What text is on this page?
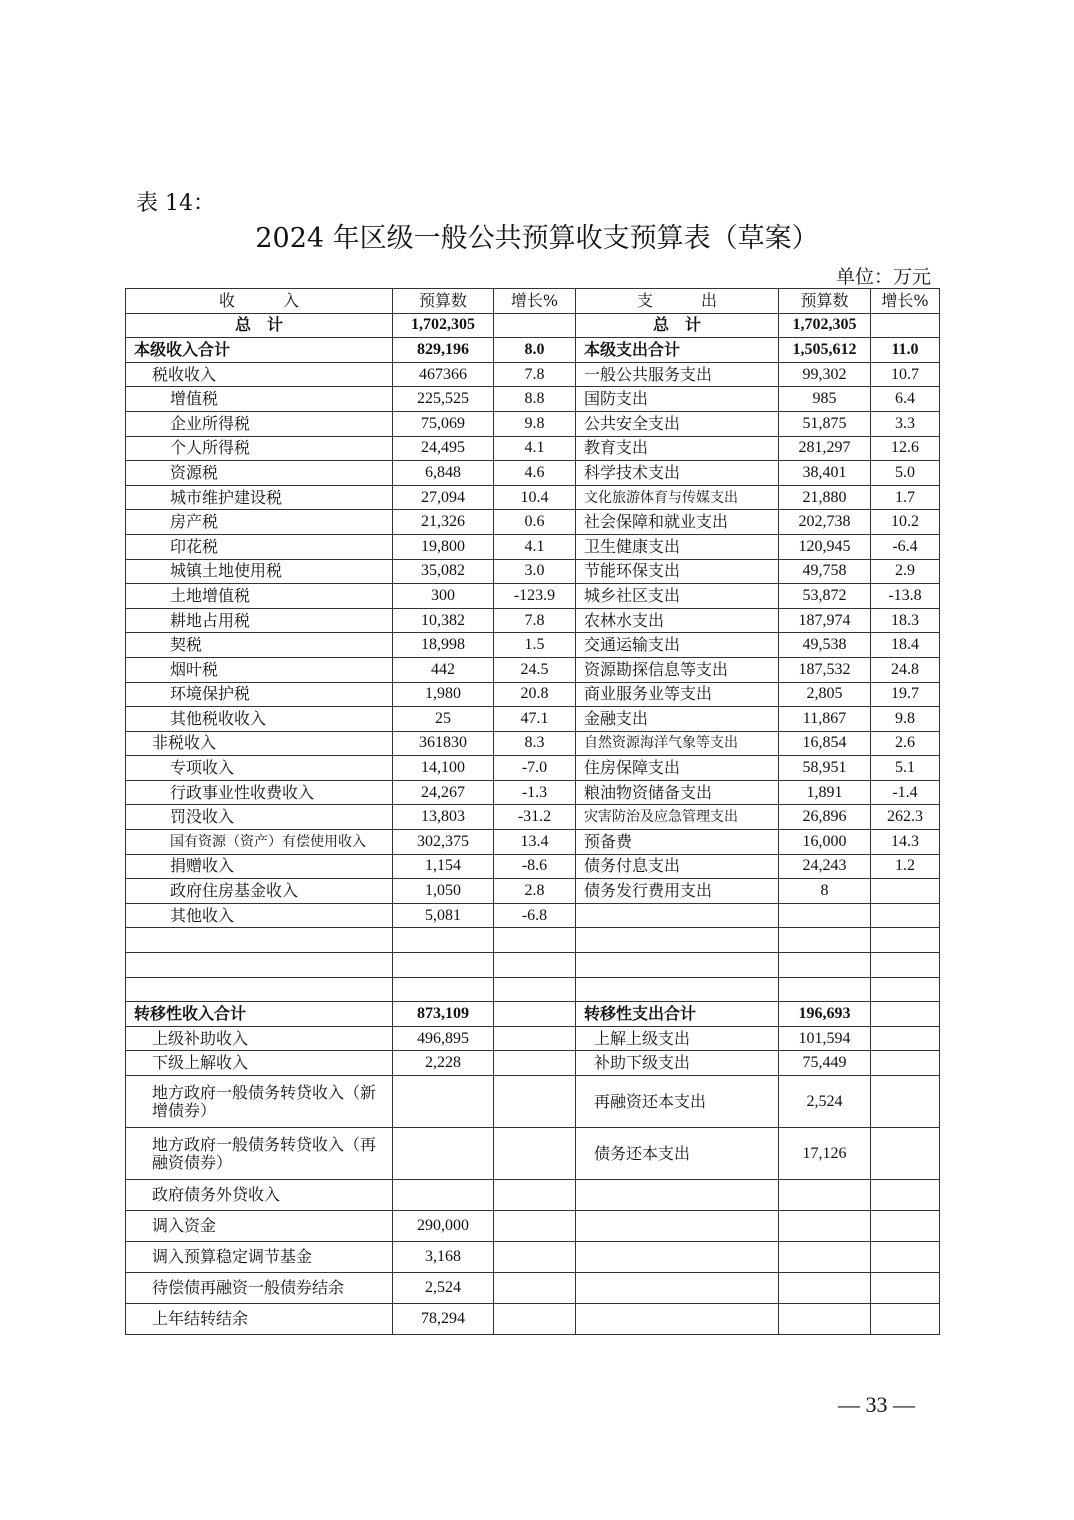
表 14：
2024 年区级一般公共预算收支预算表（草案）
单位：万元
收　　　入	预算数	增长%	支　　　出	预算数	增长%
总　计	1,702,305		总　计	1,702,305	
本级收入合计	829,196	8.0	本级支出合计	1,505,612	11.0
税收收入	467366	7.8	一般公共服务支出	99,302	10.7
增值税	225,525	8.8	国防支出	985	6.4
企业所得税	75,069	9.8	公共安全支出	51,875	3.3
个人所得税	24,495	4.1	教育支出	281,297	12.6
资源税	6,848	4.6	科学技术支出	38,401	5.0
城市维护建设税	27,094	10.4	文化旅游体育与传媒支出	21,880	1.7
房产税	21,326	0.6	社会保障和就业支出	202,738	10.2
印花税	19,800	4.1	卫生健康支出	120,945	-6.4
城镇土地使用税	35,082	3.0	节能环保支出	49,758	2.9
土地增值税	300	-123.9	城乡社区支出	53,872	-13.8
耕地占用税	10,382	7.8	农林水支出	187,974	18.3
契税	18,998	1.5	交通运输支出	49,538	18.4
烟叶税	442	24.5	资源勘探信息等支出	187,532	24.8
环境保护税	1,980	20.8	商业服务业等支出	2,805	19.7
其他税收收入	25	47.1	金融支出	11,867	9.8
非税收入	361830	8.3	自然资源海洋气象等支出	16,854	2.6
专项收入	14,100	-7.0	住房保障支出	58,951	5.1
行政事业性收费收入	24,267	-1.3	粮油物资储备支出	1,891	-1.4
罚没收入	13,803	-31.2	灾害防治及应急管理支出	26,896	262.3
国有资源（资产）有偿使用收入	302,375	13.4	预备费	16,000	14.3
捐赠收入	1,154	-8.6	债务付息支出	24,243	1.2
政府住房基金收入	1,050	2.8	债务发行费用支出	8	
其他收入	5,081	-6.8			

转移性收入合计	873,109		转移性支出合计	196,693	
上级补助收入	496,895		上解上级支出	101,594	
下级上解收入	2,228		补助下级支出	75,449	
地方政府一般债务转贷收入（新增债券）			再融资还本支出	2,524	
地方政府一般债务转贷收入（再融资债券）			债务还本支出	17,126	
政府债务外贷收入					
调入资金	290,000				
调入预算稳定调节基金	3,168				
待偿债再融资一般债券结余	2,524				
上年结转结余	78,294				
— 33 —
